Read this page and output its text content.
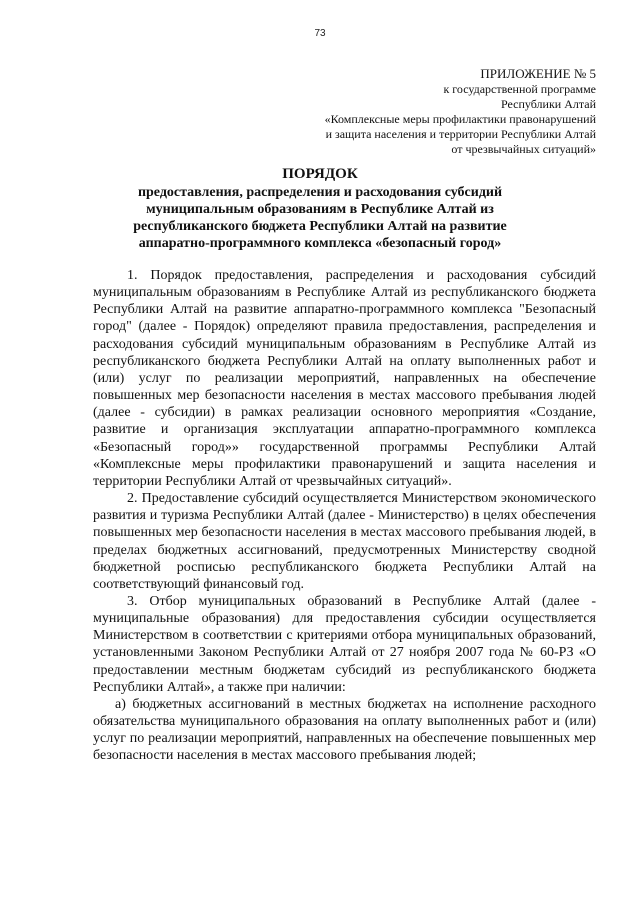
73
ПРИЛОЖЕНИЕ № 5
к государственной программе
Республики Алтай
«Комплексные меры профилактики правонарушений
и защита населения и территории Республики Алтай
от чрезвычайных ситуаций»
ПОРЯДОК
предоставления, распределения и расходования субсидий
муниципальным образованиям в Республике Алтай из
республиканского бюджета Республики Алтай на развитие
аппаратно-программного комплекса «безопасный город»

1. Порядок предоставления, распределения и расходования субсидий муниципальным образованиям в Республике Алтай из республиканского бюджета Республики Алтай на развитие аппаратно-программного комплекса "Безопасный город" (далее - Порядок) определяют правила предоставления, распределения и расходования субсидий муниципальным образованиям в Республике Алтай из республиканского бюджета Республики Алтай на оплату выполненных работ и (или) услуг по реализации мероприятий, направленных на обеспечение повышенных мер безопасности населения в местах массового пребывания людей (далее - субсидии) в рамках реализации основного мероприятия «Создание, развитие и организация эксплуатации аппаратно-программного комплекса «Безопасный город»» государственной программы Республики Алтай «Комплексные меры профилактики правонарушений и защита населения и территории Республики Алтай от чрезвычайных ситуаций».

2. Предоставление субсидий осуществляется Министерством экономического развития и туризма Республики Алтай (далее - Министерство) в целях обеспечения повышенных мер безопасности населения в местах массового пребывания людей, в пределах бюджетных ассигнований, предусмотренных Министерству сводной бюджетной росписью республиканского бюджета Республики Алтай на соответствующий финансовый год.

3. Отбор муниципальных образований в Республике Алтай (далее - муниципальные образования) для предоставления субсидии осуществляется Министерством в соответствии с критериями отбора муниципальных образований, установленными Законом Республики Алтай от 27 ноября 2007 года № 60-РЗ «О предоставлении местным бюджетам субсидий из республиканского бюджета Республики Алтай», а также при наличии:

а) бюджетных ассигнований в местных бюджетах на исполнение расходного обязательства муниципального образования на оплату выполненных работ и (или) услуг по реализации мероприятий, направленных на обеспечение повышенных мер безопасности населения в местах массового пребывания людей;
